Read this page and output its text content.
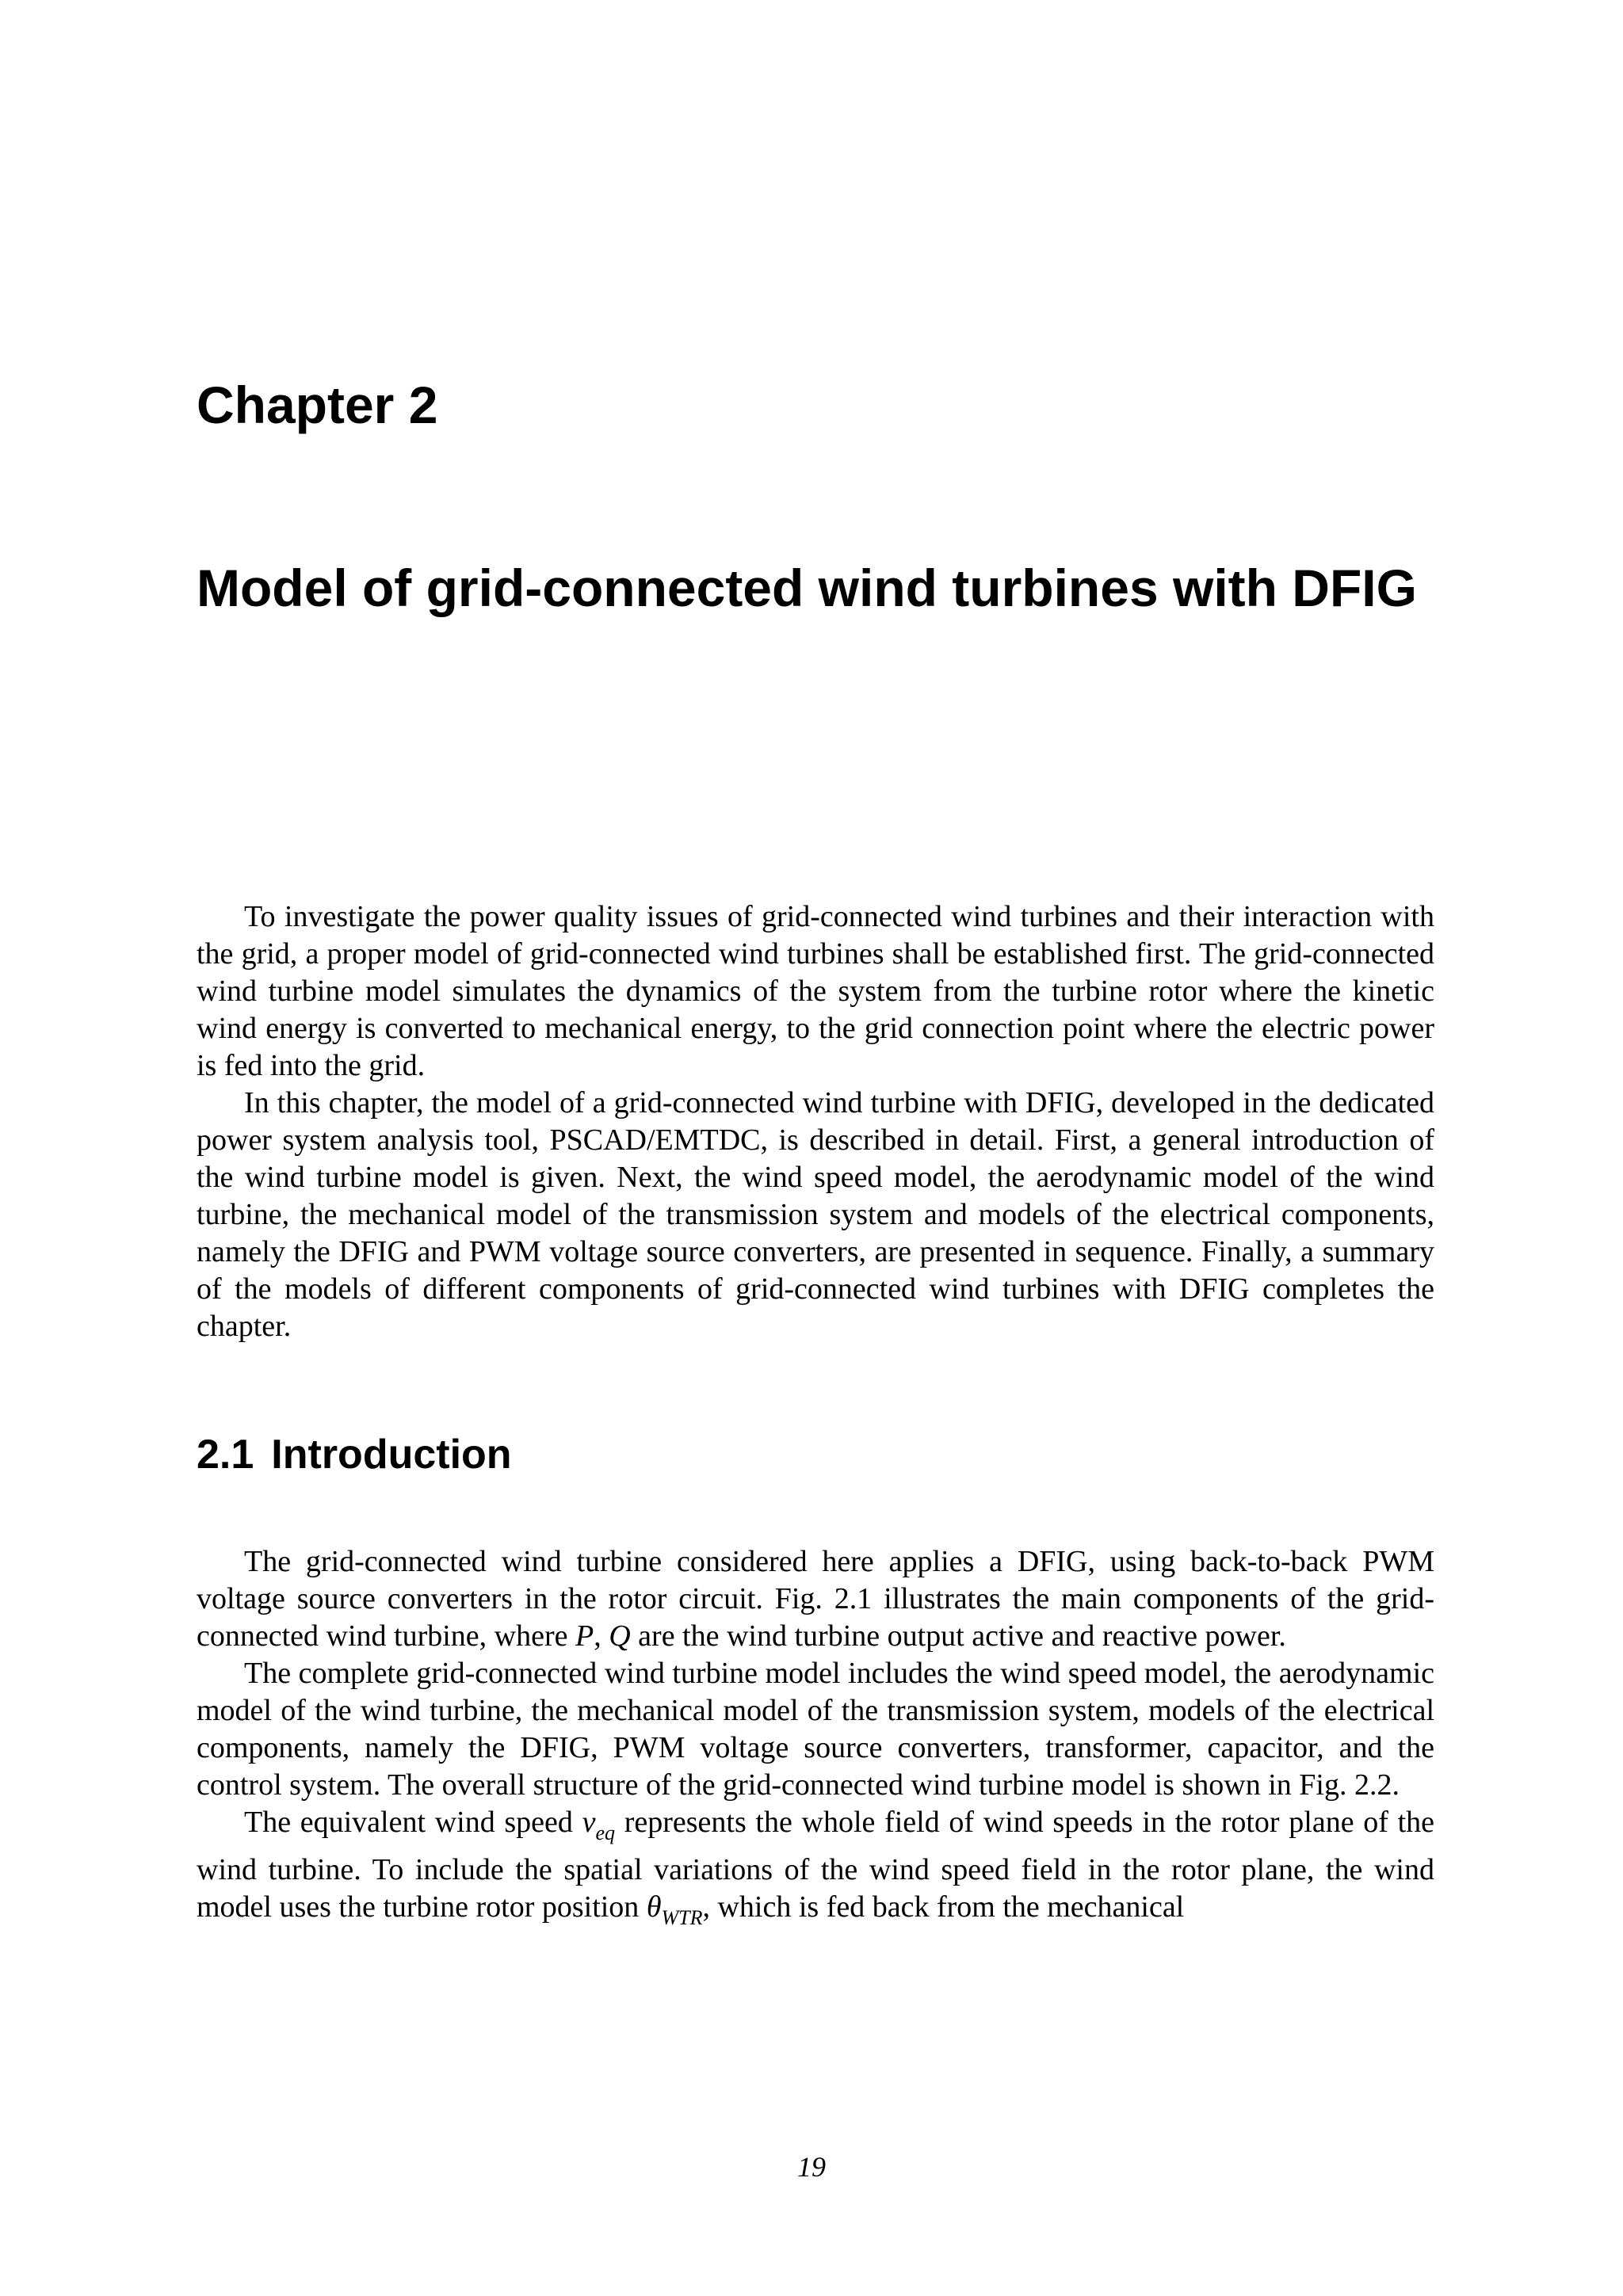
Chapter 2
Model of grid-connected wind turbines with DFIG

To investigate the power quality issues of grid-connected wind turbines and their interaction with the grid, a proper model of grid-connected wind turbines shall be established first. The grid-connected wind turbine model simulates the dynamics of the system from the turbine rotor where the kinetic wind energy is converted to mechanical energy, to the grid connection point where the electric power is fed into the grid.

In this chapter, the model of a grid-connected wind turbine with DFIG, developed in the dedicated power system analysis tool, PSCAD/EMTDC, is described in detail. First, a general introduction of the wind turbine model is given. Next, the wind speed model, the aerodynamic model of the wind turbine, the mechanical model of the transmission system and models of the electrical components, namely the DFIG and PWM voltage source converters, are presented in sequence. Finally, a summary of the models of different components of grid-connected wind turbines with DFIG completes the chapter.

2.1 Introduction

The grid-connected wind turbine considered here applies a DFIG, using back-to-back PWM voltage source converters in the rotor circuit. Fig. 2.1 illustrates the main components of the grid-connected wind turbine, where P, Q are the wind turbine output active and reactive power.

The complete grid-connected wind turbine model includes the wind speed model, the aerodynamic model of the wind turbine, the mechanical model of the transmission system, models of the electrical components, namely the DFIG, PWM voltage source converters, transformer, capacitor, and the control system. The overall structure of the grid-connected wind turbine model is shown in Fig. 2.2.

The equivalent wind speed $v_{eq}$ represents the whole field of wind speeds in the rotor plane of the wind turbine. To include the spatial variations of the wind speed field in the rotor plane, the wind model uses the turbine rotor position $\theta_{WTR}$, which is fed back from the mechanical

19
